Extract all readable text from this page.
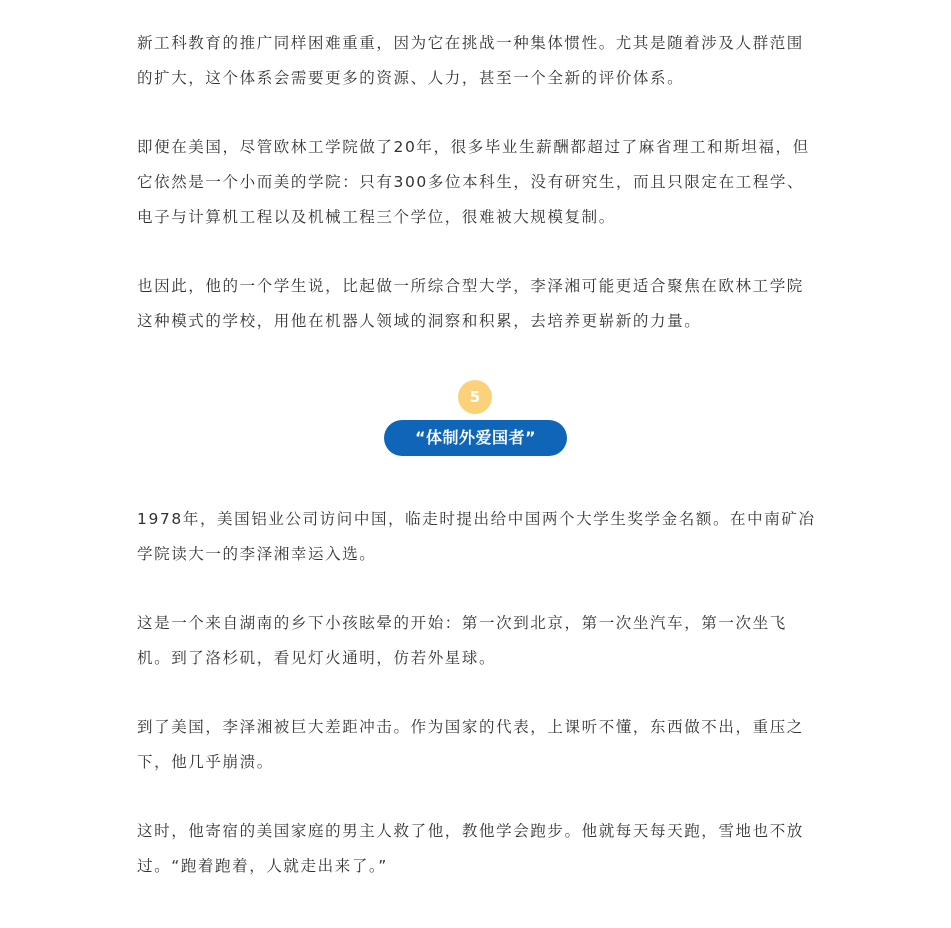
新工科教育的推广同样困难重重，因为它在挑战一种集体惯性。尤其是随着涉及人群范围的扩大，这个体系会需要更多的资源、人力，甚至一个全新的评价体系。

即便在美国，尽管欧林工学院做了20年，很多毕业生薪酬都超过了麻省理工和斯坦福，但它依然是一个小而美的学院：只有300多位本科生，没有研究生，而且只限定在工程学、电子与计算机工程以及机械工程三个学位，很难被大规模复制。

也因此，他的一个学生说，比起做一所综合型大学，李泽湘可能更适合聚焦在欧林工学院这种模式的学校，用他在机器人领域的洞察和积累，去培养更崭新的力量。

5
“体制外爱国者”

1978年，美国铝业公司访问中国，临走时提出给中国两个大学生奖学金名额。在中南矿冶学院读大一的李泽湘幸运入选。

这是一个来自湖南的乡下小孩眩晕的开始：第一次到北京，第一次坐汽车，第一次坐飞机。到了洛杉矶，看见灯火通明，仿若外星球。

到了美国，李泽湘被巨大差距冲击。作为国家的代表，上课听不懂，东西做不出，重压之下，他几乎崩溃。

这时，他寄宿的美国家庭的男主人救了他，教他学会跑步。他就每天每天跑，雪地也不放过。“跑着跑着，人就走出来了。”
